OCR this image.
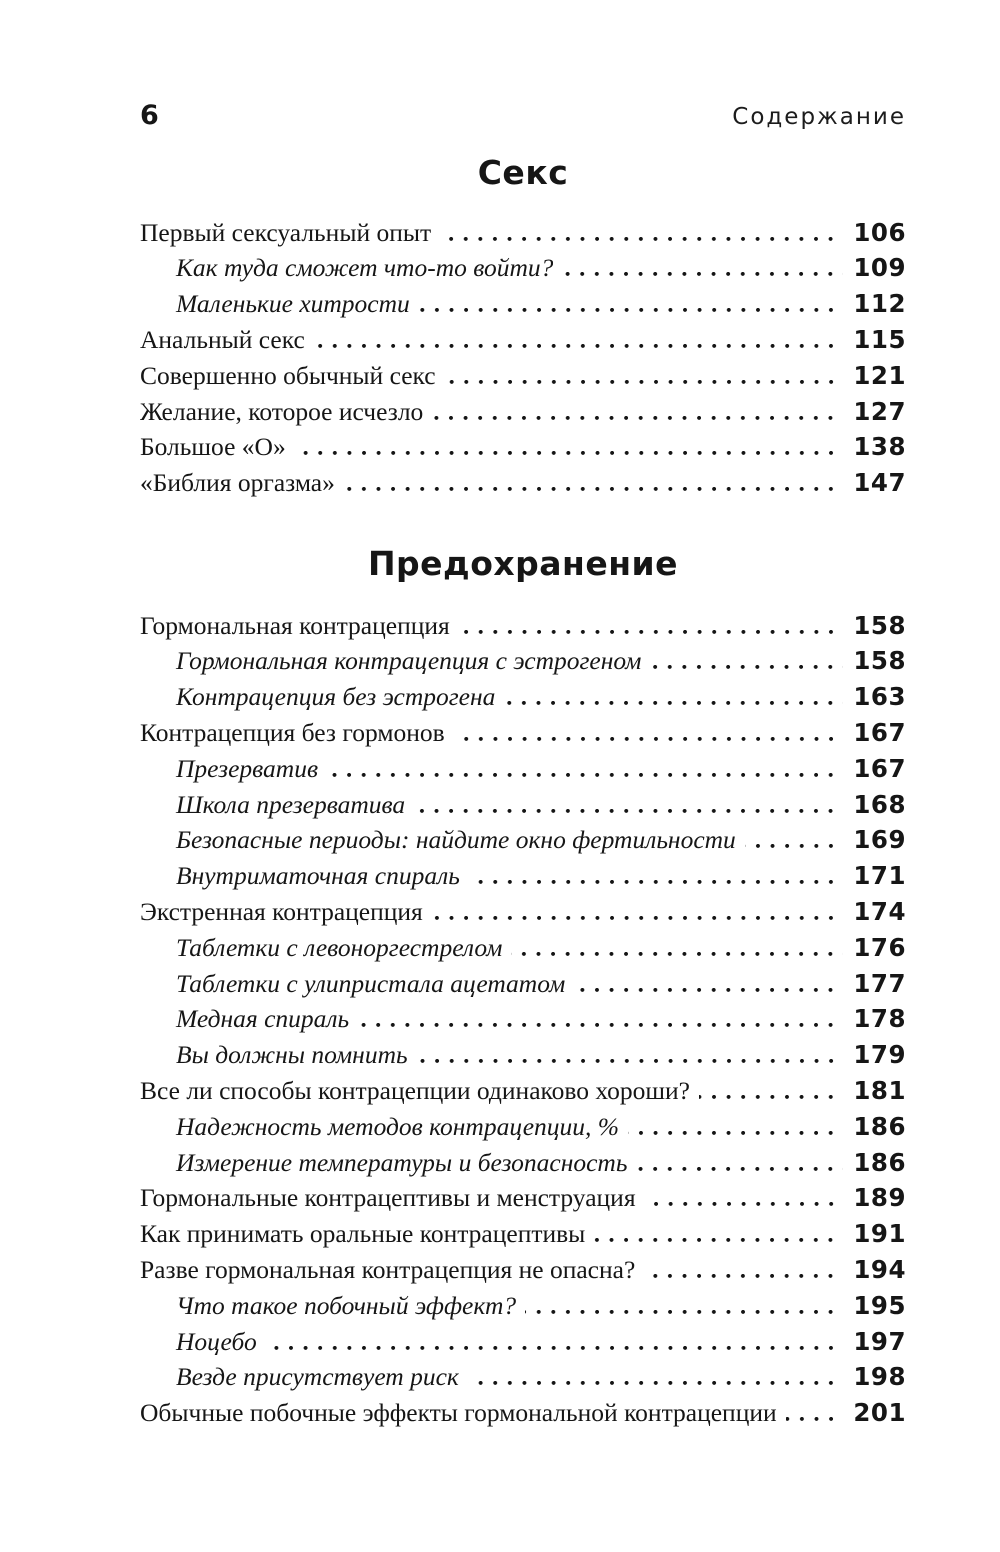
6	Содержание
Секс
Первый сексуальный опыт	106
Как туда сможет что-то войти?	109
Маленькие хитрости	112
Анальный секс	115
Совершенно обычный секс	121
Желание, которое исчезло	127
Большое «О»	138
«Библия оргазма»	147
Предохранение
Гормональная контрацепция	158
Гормональная контрацепция с эстрогеном	158
Контрацепция без эстрогена	163
Контрацепция без гормонов	167
Презерватив	167
Школа презерватива	168
Безопасные периоды: найдите окно фертильности	169
Внутриматочная спираль	171
Экстренная контрацепция	174
Таблетки с левоноргестрелом	176
Таблетки с улипристала ацетатом	177
Медная спираль	178
Вы должны помнить	179
Все ли способы контрацепции одинаково хороши?	181
Надежность методов контрацепции, %	186
Измерение температуры и безопасность	186
Гормональные контрацептивы и менструация	189
Как принимать оральные контрацептивы	191
Разве гормональная контрацепция не опасна?	194
Что такое побочный эффект?	195
Ноцебо	197
Везде присутствует риск	198
Обычные побочные эффекты гормональной контрацепции	201
